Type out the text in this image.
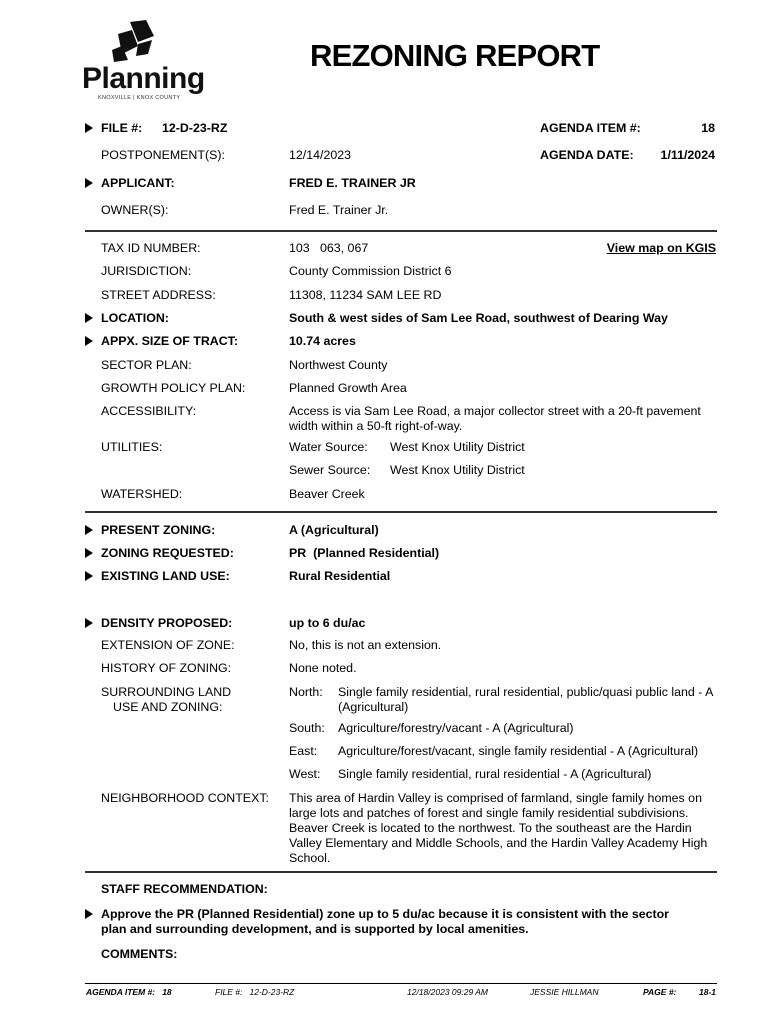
Planning
KNOXVILLE | KNOX COUNTY
REZONING REPORT
FILE #: 12-D-23-RZ	AGENDA ITEM #:	18
POSTPONEMENT(S):	12/14/2023	AGENDA DATE: 1/11/2024
APPLICANT:	FRED E. TRAINER JR
OWNER(S):	Fred E. Trainer Jr.
TAX ID NUMBER:	103   063, 067	View map on KGIS
JURISDICTION:	County Commission District 6
STREET ADDRESS:	11308, 11234 SAM LEE RD
LOCATION:	South & west sides of Sam Lee Road, southwest of Dearing Way
APPX. SIZE OF TRACT:	10.74 acres
SECTOR PLAN:	Northwest County
GROWTH POLICY PLAN:	Planned Growth Area
ACCESSIBILITY:	Access is via Sam Lee Road, a major collector street with a 20-ft pavement width within a 50-ft right-of-way.
UTILITIES:	Water Source: West Knox Utility District
Sewer Source: West Knox Utility District
WATERSHED:	Beaver Creek
PRESENT ZONING:	A (Agricultural)
ZONING REQUESTED:	PR  (Planned Residential)
EXISTING LAND USE:	Rural Residential
DENSITY PROPOSED:	up to 6 du/ac
EXTENSION OF ZONE:	No, this is not an extension.
HISTORY OF ZONING:	None noted.
SURROUNDING LAND
USE AND ZONING:
North: Single family residential, rural residential, public/quasi public land - A (Agricultural)
South: Agriculture/forestry/vacant - A (Agricultural)
East: Agriculture/forest/vacant, single family residential - A (Agricultural)
West: Single family residential, rural residential - A (Agricultural)
NEIGHBORHOOD CONTEXT: This area of Hardin Valley is comprised of farmland, single family homes on large lots and patches of forest and single family residential subdivisions. Beaver Creek is located to the northwest. To the southeast are the Hardin Valley Elementary and Middle Schools, and the Hardin Valley Academy High School.
STAFF RECOMMENDATION:
Approve the PR (Planned Residential) zone up to 5 du/ac because it is consistent with the sector plan and surrounding development, and is supported by local amenities.
COMMENTS:
AGENDA ITEM #:   18	FILE #:   12-D-23-RZ	12/18/2023 09:29 AM	JESSIE HILLMAN	PAGE #:	18-1
